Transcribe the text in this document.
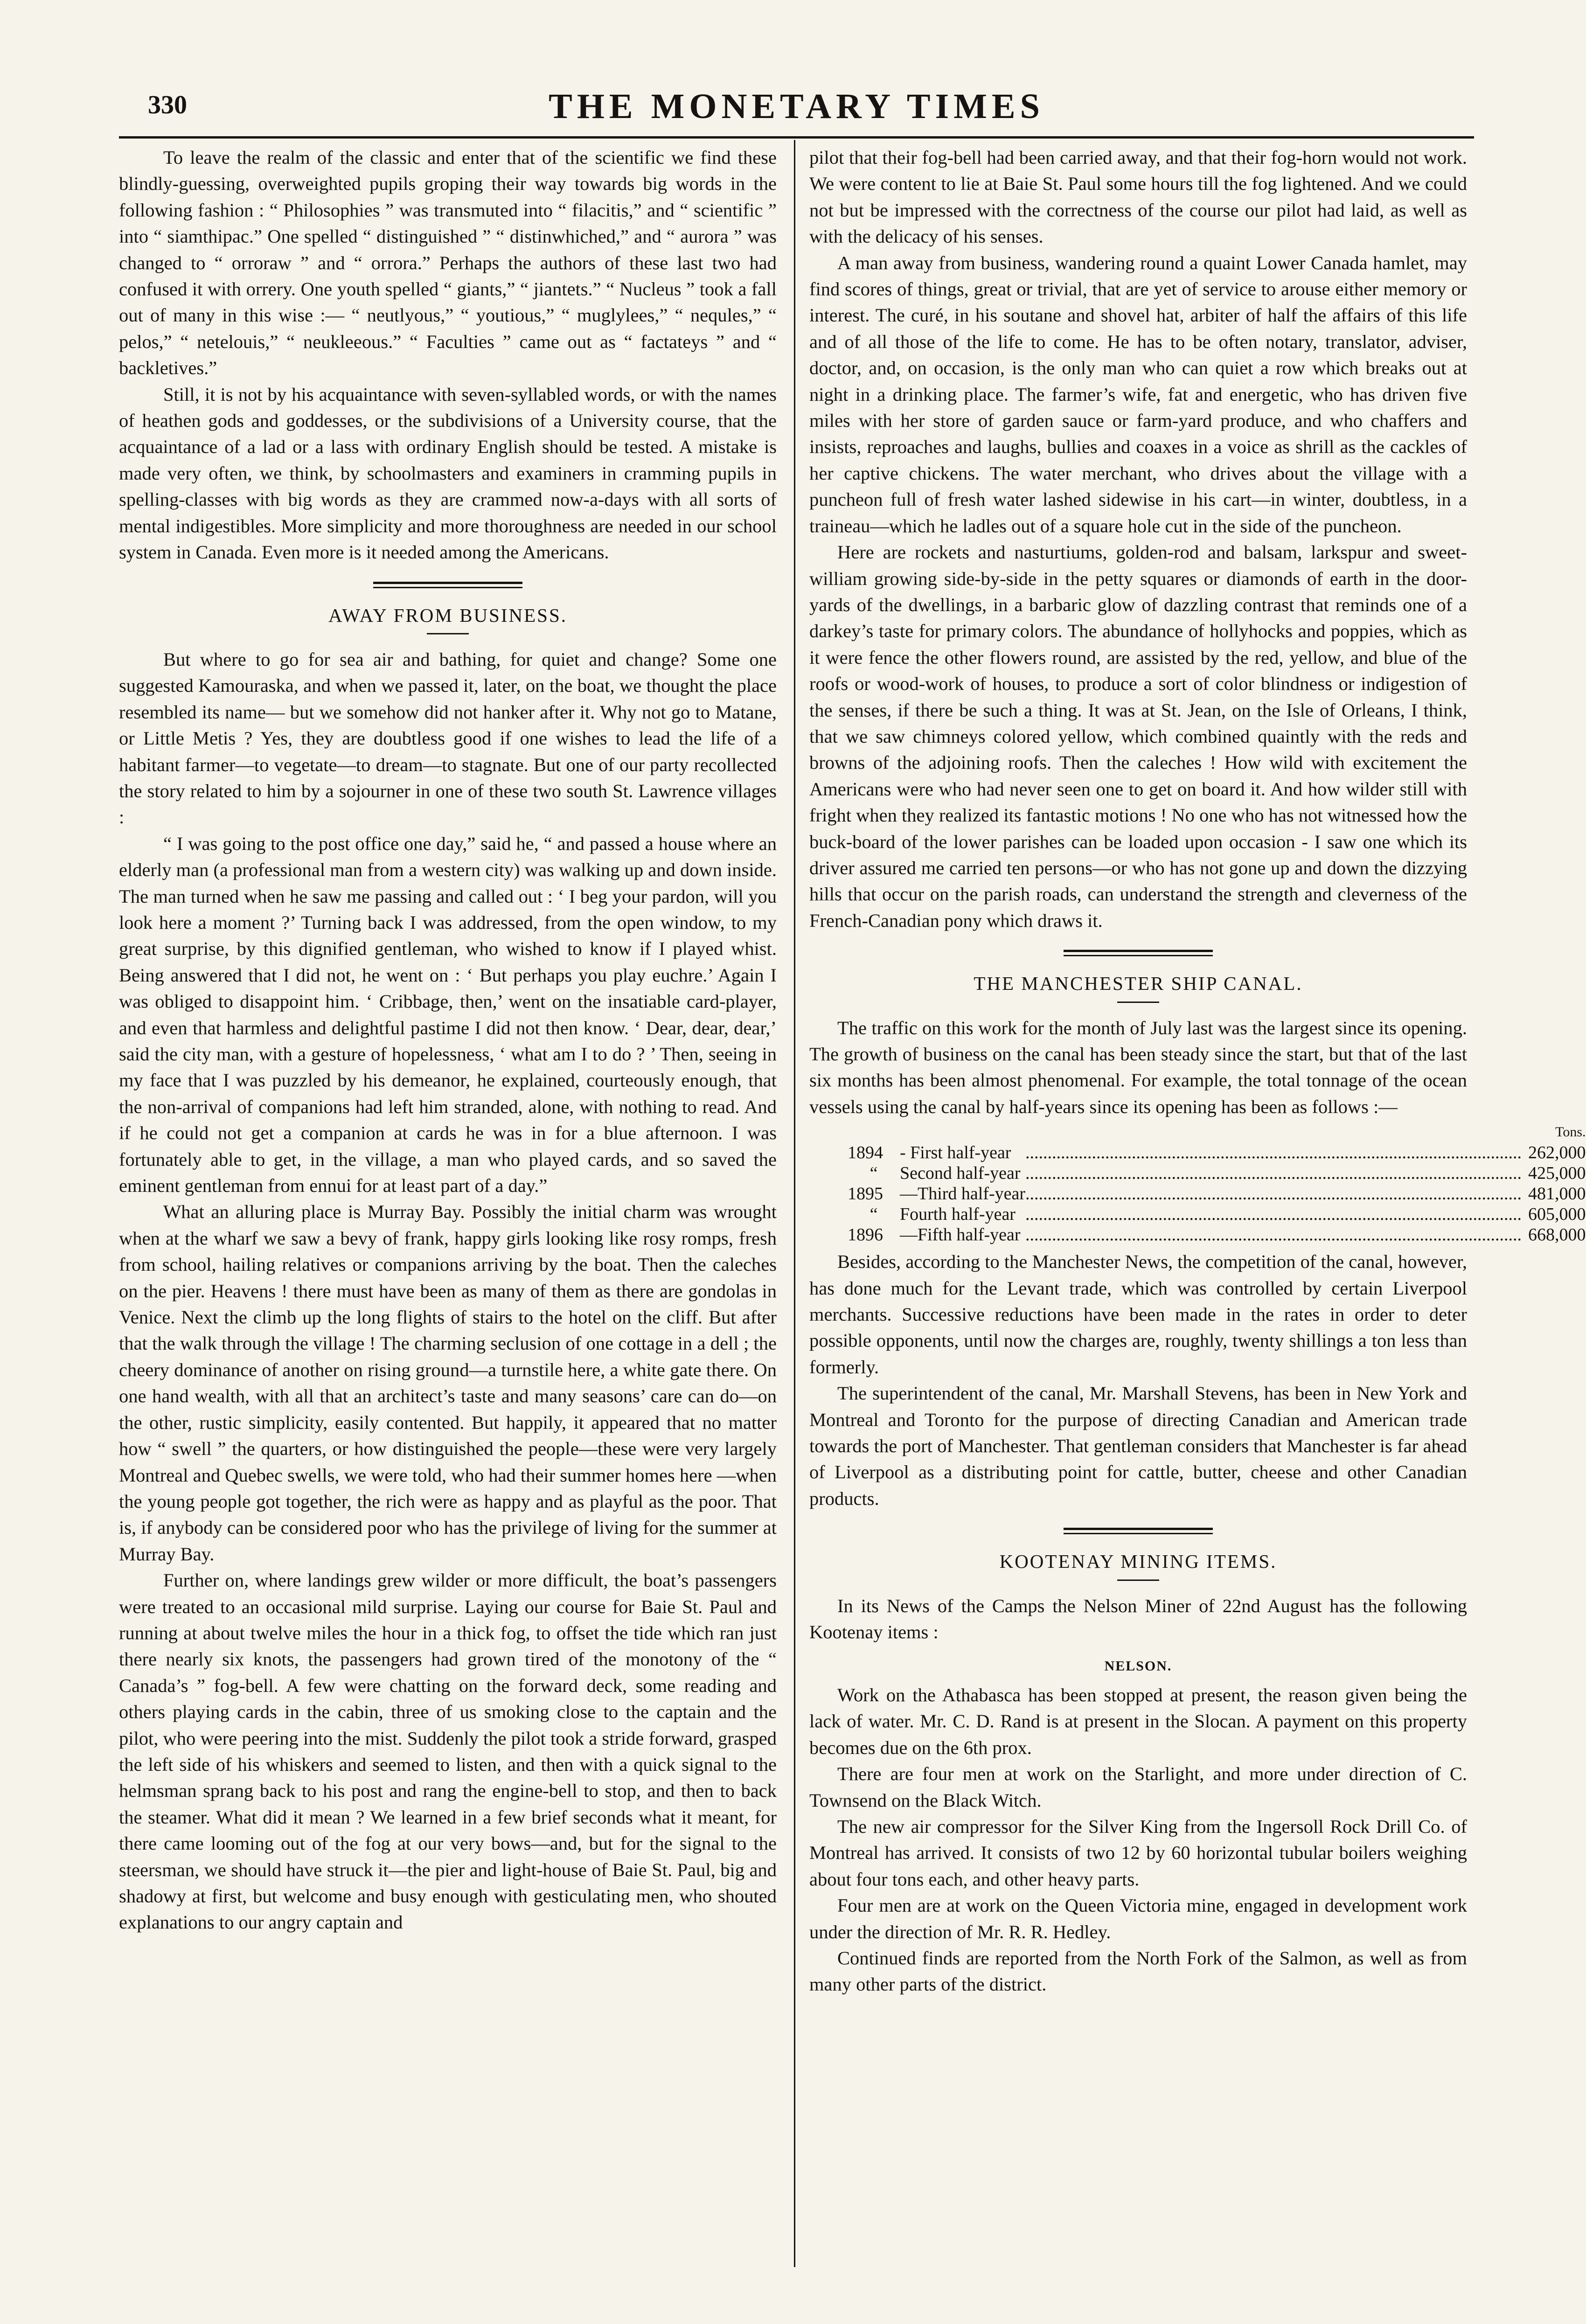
330	THE MONETARY TIMES

To leave the realm of the classic and enter that of the scientific we find these blindly-guessing, overweighted pupils groping their way towards big words in the following fashion : “ Philosophies ” was transmuted into “ filacitis,” and “ scientific ” into “ siamthipac.” One spelled “ distinguished ” “ distinwhiched,” and “ aurora ” was changed to “ orroraw ” and “ orrora.” Perhaps the authors of these last two had confused it with orrery. One youth spelled “ giants,” “ jiantets.” “ Nucleus ” took a fall out of many in this wise :— “ neutlyous,” “ youtious,” “ muglylees,” “ nequles,” “ pelos,” “ netelouis,” “ neukleeous.” “ Faculties ” came out as “ factateys ” and “ backletives.”

Still, it is not by his acquaintance with seven-syllabled words, or with the names of heathen gods and goddesses, or the subdivisions of a University course, that the acquaintance of a lad or a lass with ordinary English should be tested. A mistake is made very often, we think, by schoolmasters and examiners in cramming pupils in spelling-classes with big words as they are crammed now-a-days with all sorts of mental indigestibles. More simplicity and more thoroughness are needed in our school system in Canada. Even more is it needed among the Americans.

AWAY FROM BUSINESS.

But where to go for sea air and bathing, for quiet and change? Some one suggested Kamouraska, and when we passed it, later, on the boat, we thought the place resembled its name— but we somehow did not hanker after it. Why not go to Matane, or Little Metis ? Yes, they are doubtless good if one wishes to lead the life of a habitant farmer—to vegetate—to dream—to stagnate. But one of our party recollected the story related to him by a sojourner in one of these two south St. Lawrence villages :

“ I was going to the post office one day,” said he, “ and passed a house where an elderly man (a professional man from a western city) was walking up and down inside. The man turned when he saw me passing and called out : ‘ I beg your pardon, will you look here a moment ?’ Turning back I was addressed, from the open window, to my great surprise, by this dignified gentleman, who wished to know if I played whist. Being answered that I did not, he went on : ‘ But perhaps you play euchre.’ Again I was obliged to disappoint him. ‘ Cribbage, then,’ went on the insatiable card-player, and even that harmless and delightful pastime I did not then know. ‘ Dear, dear, dear,’ said the city man, with a gesture of hopelessness, ‘ what am I to do ? ’ Then, seeing in my face that I was puzzled by his demeanor, he explained, courteously enough, that the non-arrival of companions had left him stranded, alone, with nothing to read. And if he could not get a companion at cards he was in for a blue afternoon. I was fortunately able to get, in the village, a man who played cards, and so saved the eminent gentleman from ennui for at least part of a day.”

What an alluring place is Murray Bay. Possibly the initial charm was wrought when at the wharf we saw a bevy of frank, happy girls looking like rosy romps, fresh from school, hailing relatives or companions arriving by the boat. Then the caleches on the pier. Heavens ! there must have been as many of them as there are gondolas in Venice. Next the climb up the long flights of stairs to the hotel on the cliff. But after that the walk through the village ! The charming seclusion of one cottage in a dell ; the cheery dominance of another on rising ground—a turnstile here, a white gate there. On one hand wealth, with all that an architect’s taste and many seasons’ care can do—on the other, rustic simplicity, easily contented. But happily, it appeared that no matter how “ swell ” the quarters, or how distinguished the people—these were very largely Montreal and Quebec swells, we were told, who had their summer homes here —when the young people got together, the rich were as happy and as playful as the poor. That is, if anybody can be considered poor who has the privilege of living for the summer at Murray Bay.

Further on, where landings grew wilder or more difficult, the boat’s passengers were treated to an occasional mild surprise. Laying our course for Baie St. Paul and running at about twelve miles the hour in a thick fog, to offset the tide which ran just there nearly six knots, the passengers had grown tired of the monotony of the “ Canada’s ” fog-bell. A few were chatting on the forward deck, some reading and others playing cards in the cabin, three of us smoking close to the captain and the pilot, who were peering into the mist. Suddenly the pilot took a stride forward, grasped the left side of his whiskers and seemed to listen, and then with a quick signal to the helmsman sprang back to his post and rang the engine-bell to stop, and then to back the steamer. What did it mean ? We learned in a few brief seconds what it meant, for there came looming out of the fog at our very bows—and, but for the signal to the steersman, we should have struck it—the pier and light-house of Baie St. Paul, big and shadowy at first, but welcome and busy enough with gesticulating men, who shouted explanations to our angry captain and

pilot that their fog-bell had been carried away, and that their fog-horn would not work. We were content to lie at Baie St. Paul some hours till the fog lightened. And we could not but be impressed with the correctness of the course our pilot had laid, as well as with the delicacy of his senses.

A man away from business, wandering round a quaint Lower Canada hamlet, may find scores of things, great or trivial, that are yet of service to arouse either memory or interest. The curé, in his soutane and shovel hat, arbiter of half the affairs of this life and of all those of the life to come. He has to be often notary, translator, adviser, doctor, and, on occasion, is the only man who can quiet a row which breaks out at night in a drinking place. The farmer’s wife, fat and energetic, who has driven five miles with her store of garden sauce or farm-yard produce, and who chaffers and insists, reproaches and laughs, bullies and coaxes in a voice as shrill as the cackles of her captive chickens. The water merchant, who drives about the village with a puncheon full of fresh water lashed sidewise in his cart—in winter, doubtless, in a traineau—which he ladles out of a square hole cut in the side of the puncheon.

Here are rockets and nasturtiums, golden-rod and balsam, larkspur and sweet-william growing side-by-side in the petty squares or diamonds of earth in the door-yards of the dwellings, in a barbaric glow of dazzling contrast that reminds one of a darkey’s taste for primary colors. The abundance of hollyhocks and poppies, which as it were fence the other flowers round, are assisted by the red, yellow, and blue of the roofs or wood-work of houses, to produce a sort of color blindness or indigestion of the senses, if there be such a thing. It was at St. Jean, on the Isle of Orleans, I think, that we saw chimneys colored yellow, which combined quaintly with the reds and browns of the adjoining roofs. Then the caleches ! How wild with excitement the Americans were who had never seen one to get on board it. And how wilder still with fright when they realized its fantastic motions ! No one who has not witnessed how the buck-board of the lower parishes can be loaded upon occasion - I saw one which its driver assured me carried ten persons—or who has not gone up and down the dizzying hills that occur on the parish roads, can understand the strength and cleverness of the French-Canadian pony which draws it.

THE MANCHESTER SHIP CANAL.

The traffic on this work for the month of July last was the largest since its opening. The growth of business on the canal has been steady since the start, but that of the last six months has been almost phenomenal. For example, the total tonnage of the ocean vessels using the canal by half-years since its opening has been as follows :—

		Tons.
1894 - First half-year	................................................................................................................	262,000
“ Second half-year	................................................................................................................	425,000
1895 —Third half-year	................................................................................................................	481,000
“ Fourth half-year	................................................................................................................	605,000
1896 —Fifth half-year	................................................................................................................	668,000

Besides, according to the Manchester News, the competition of the canal, however, has done much for the Levant trade, which was controlled by certain Liverpool merchants. Successive reductions have been made in the rates in order to deter possible opponents, until now the charges are, roughly, twenty shillings a ton less than formerly.

The superintendent of the canal, Mr. Marshall Stevens, has been in New York and Montreal and Toronto for the purpose of directing Canadian and American trade towards the port of Manchester. That gentleman considers that Manchester is far ahead of Liverpool as a distributing point for cattle, butter, cheese and other Canadian products.

KOOTENAY MINING ITEMS.

In its News of the Camps the Nelson Miner of 22nd August has the following Kootenay items :

NELSON.

Work on the Athabasca has been stopped at present, the reason given being the lack of water. Mr. C. D. Rand is at present in the Slocan. A payment on this property becomes due on the 6th prox.

There are four men at work on the Starlight, and more under direction of C. Townsend on the Black Witch.

The new air compressor for the Silver King from the Ingersoll Rock Drill Co. of Montreal has arrived. It consists of two 12 by 60 horizontal tubular boilers weighing about four tons each, and other heavy parts.

Four men are at work on the Queen Victoria mine, engaged in development work under the direction of Mr. R. R. Hedley.

Continued finds are reported from the North Fork of the Salmon, as well as from many other parts of the district.
